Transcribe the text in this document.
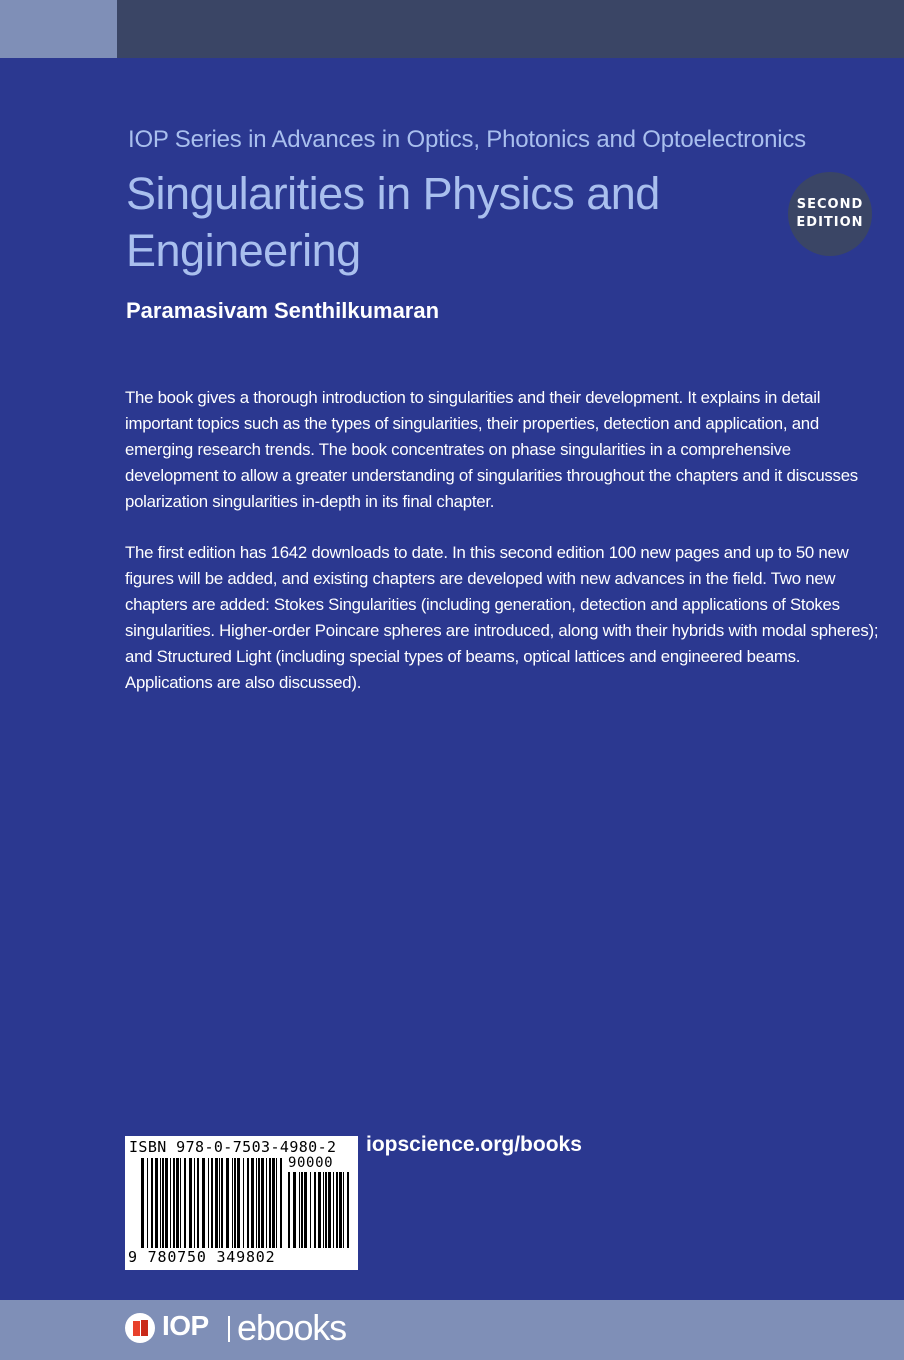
IOP Series in Advances in Optics, Photonics and Optoelectronics

Singularities in Physics and Engineering
SECOND
EDITION

Paramasivam Senthilkumaran

The book gives a thorough introduction to singularities and their development. It explains in detail important topics such as the types of singularities, their properties, detection and application, and emerging research trends. The book concentrates on phase singularities in a comprehensive development to allow a greater understanding of singularities throughout the chapters and it discusses polarization singularities in-depth in its final chapter.

The first edition has 1642 downloads to date. In this second edition 100 new pages and up to 50 new figures will be added, and existing chapters are developed with new advances in the field. Two new chapters are added: Stokes Singularities (including generation, detection and applications of Stokes singularities. Higher-order Poincare spheres are introduced, along with their hybrids with modal spheres); and Structured Light (including special types of beams, optical lattices and engineered beams. Applications are also discussed).

ISBN 978-0-7503-4980-2

90000

9 780750 349802

iopscience.org/books

IOP ebooks
